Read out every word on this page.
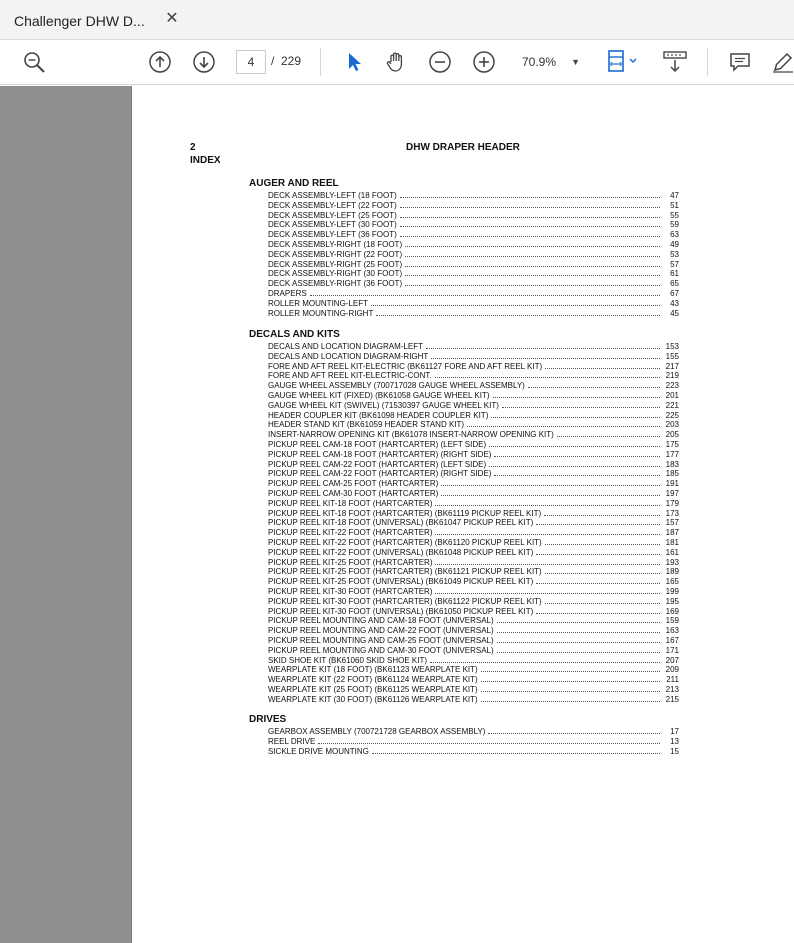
Challenger DHW D... ✕
4	/ 229	70.9% ▼
2
INDEX
DHW DRAPER HEADER
AUGER AND REEL
DECK ASSEMBLY-LEFT (18 FOOT)	47
DECK ASSEMBLY-LEFT (22 FOOT)	51
DECK ASSEMBLY-LEFT (25 FOOT)	55
DECK ASSEMBLY-LEFT (30 FOOT)	59
DECK ASSEMBLY-LEFT (36 FOOT)	63
DECK ASSEMBLY-RIGHT (18 FOOT)	49
DECK ASSEMBLY-RIGHT (22 FOOT)	53
DECK ASSEMBLY-RIGHT (25 FOOT)	57
DECK ASSEMBLY-RIGHT (30 FOOT)	61
DECK ASSEMBLY-RIGHT (36 FOOT)	65
DRAPERS	67
ROLLER MOUNTING-LEFT	43
ROLLER MOUNTING-RIGHT	45
DECALS AND KITS
DECALS AND LOCATION DIAGRAM-LEFT	153
DECALS AND LOCATION DIAGRAM-RIGHT	155
FORE AND AFT REEL KIT-ELECTRIC (BK61127 FORE AND AFT REEL KIT)	217
FORE AND AFT REEL KIT-ELECTRIC-CONT.	219
GAUGE WHEEL ASSEMBLY (700717028 GAUGE WHEEL ASSEMBLY)	223
GAUGE WHEEL KIT (FIXED) (BK61058 GAUGE WHEEL KIT)	201
GAUGE WHEEL KIT (SWIVEL) (71530397 GAUGE WHEEL KIT)	221
HEADER COUPLER KIT (BK61098 HEADER COUPLER KIT)	225
HEADER STAND KIT (BK61059 HEADER STAND KIT)	203
INSERT-NARROW OPENING KIT (BK61078 INSERT-NARROW OPENING KIT)	205
PICKUP REEL CAM-18 FOOT (HARTCARTER) (LEFT SIDE)	175
PICKUP REEL CAM-18 FOOT (HARTCARTER) (RIGHT SIDE)	177
PICKUP REEL CAM-22 FOOT (HARTCARTER) (LEFT SIDE)	183
PICKUP REEL CAM-22 FOOT (HARTCARTER) (RIGHT SIDE)	185
PICKUP REEL CAM-25 FOOT (HARTCARTER)	191
PICKUP REEL CAM-30 FOOT (HARTCARTER)	197
PICKUP REEL KIT-18 FOOT (HARTCARTER)	179
PICKUP REEL KIT-18 FOOT (HARTCARTER) (BK61119 PICKUP REEL KIT)	173
PICKUP REEL KIT-18 FOOT (UNIVERSAL) (BK61047 PICKUP REEL KIT)	157
PICKUP REEL KIT-22 FOOT (HARTCARTER)	187
PICKUP REEL KIT-22 FOOT (HARTCARTER) (BK61120 PICKUP REEL KIT)	181
PICKUP REEL KIT-22 FOOT (UNIVERSAL) (BK61048 PICKUP REEL KIT)	161
PICKUP REEL KIT-25 FOOT (HARTCARTER)	193
PICKUP REEL KIT-25 FOOT (HARTCARTER) (BK61121 PICKUP REEL KIT)	189
PICKUP REEL KIT-25 FOOT (UNIVERSAL) (BK61049 PICKUP REEL KIT)	165
PICKUP REEL KIT-30 FOOT (HARTCARTER)	199
PICKUP REEL KIT-30 FOOT (HARTCARTER) (BK61122 PICKUP REEL KIT)	195
PICKUP REEL KIT-30 FOOT (UNIVERSAL) (BK61050 PICKUP REEL KIT)	169
PICKUP REEL MOUNTING AND CAM-18 FOOT (UNIVERSAL)	159
PICKUP REEL MOUNTING AND CAM-22 FOOT (UNIVERSAL)	163
PICKUP REEL MOUNTING AND CAM-25 FOOT (UNIVERSAL)	167
PICKUP REEL MOUNTING AND CAM-30 FOOT (UNIVERSAL)	171
SKID SHOE KIT (BK61060 SKID SHOE KIT)	207
WEARPLATE KIT (18 FOOT) (BK61123 WEARPLATE KIT)	209
WEARPLATE KIT (22 FOOT) (BK61124 WEARPLATE KIT)	211
WEARPLATE KIT (25 FOOT) (BK61125 WEARPLATE KIT)	213
WEARPLATE KIT (30 FOOT) (BK61126 WEARPLATE KIT)	215
DRIVES
GEARBOX ASSEMBLY (700721728 GEARBOX ASSEMBLY)	17
REEL DRIVE	13
SICKLE DRIVE MOUNTING	15
